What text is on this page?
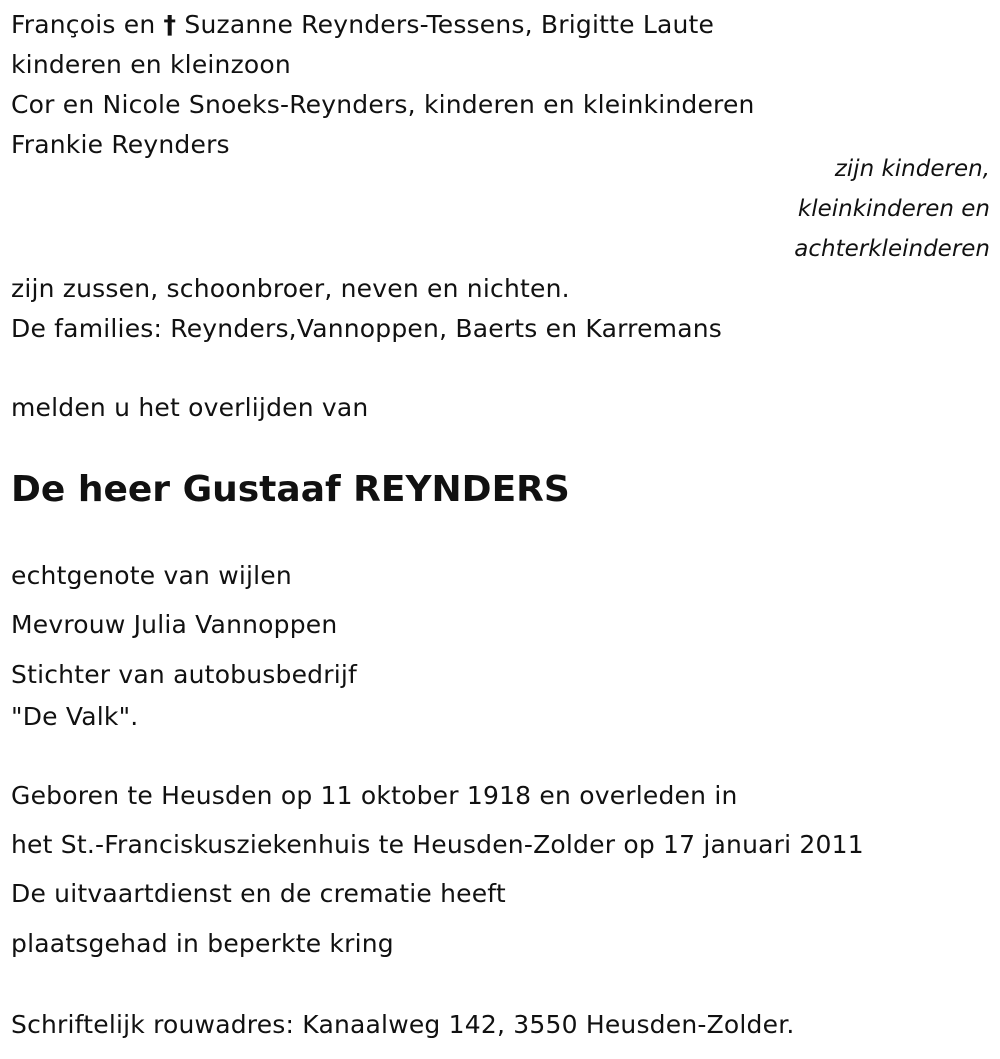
François en † Suzanne Reynders-Tessens, Brigitte Laute
kinderen en kleinzoon
Cor en Nicole Snoeks-Reynders, kinderen en kleinkinderen
Frankie Reynders
zijn kinderen,
kleinkinderen en
achterkleinderen
zijn zussen, schoonbroer, neven en nichten.
De families: Reynders,Vannoppen, Baerts en Karremans
melden u het overlijden van
De heer Gustaaf REYNDERS
echtgenote van wijlen
Mevrouw Julia Vannoppen
Stichter van autobusbedrijf
"De Valk".
Geboren te Heusden op 11 oktober 1918 en overleden in
het St.-Franciskusziekenhuis te Heusden-Zolder op 17 januari 2011
De uitvaartdienst en de crematie heeft
plaatsgehad in beperkte kring
Schriftelijk rouwadres: Kanaalweg 142, 3550 Heusden-Zolder.
